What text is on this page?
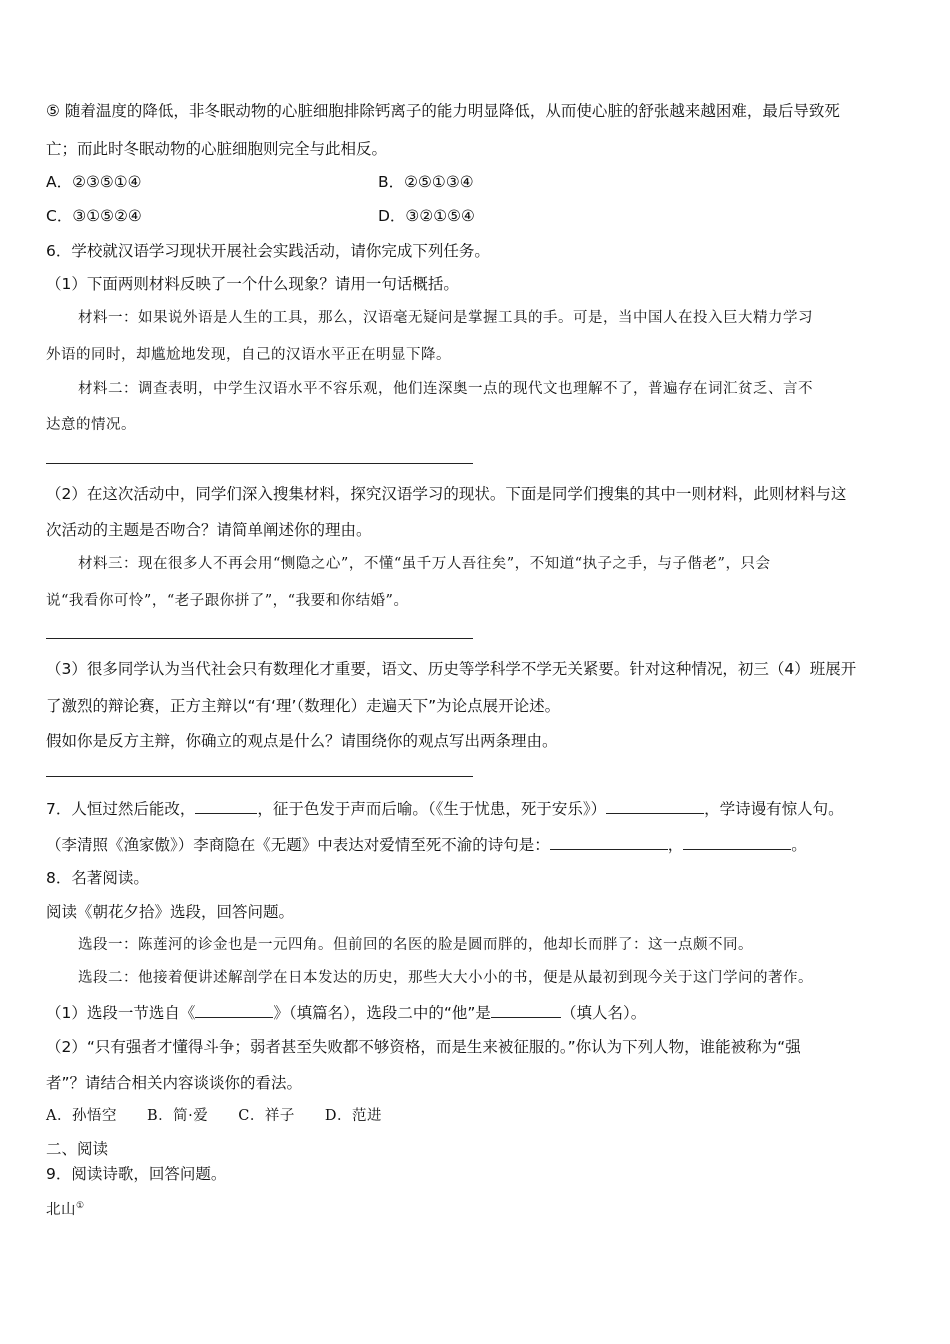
⑤ 随着温度的降低，非冬眠动物的心脏细胞排除钙离子的能力明显降低，从而使心脏的舒张越来越困难，最后导致死
亡；而此时冬眠动物的心脏细胞则完全与此相反。
A．②③⑤①④	B．②⑤①③④
C．③①⑤②④	D．③②①⑤④
6．学校就汉语学习现状开展社会实践活动，请你完成下列任务。
（1）下面两则材料反映了一个什么现象？请用一句话概括。
材料一：如果说外语是人生的工具，那么，汉语毫无疑问是掌握工具的手。可是，当中国人在投入巨大精力学习
外语的同时，却尴尬地发现，自己的汉语水平正在明显下降。
材料二：调查表明，中学生汉语水平不容乐观，他们连深奥一点的现代文也理解不了，普遍存在词汇贫乏、言不
达意的情况。
（2）在这次活动中，同学们深入搜集材料，探究汉语学习的现状。下面是同学们搜集的其中一则材料，此则材料与这
次活动的主题是否吻合？请简单阐述你的理由。
材料三：现在很多人不再会用“恻隐之心”，不懂“虽千万人吾往矣”，不知道“执子之手，与子偕老”，只会
说“我看你可怜”，“老子跟你拼了”，“我要和你结婚”。
（3）很多同学认为当代社会只有数理化才重要，语文、历史等学科学不学无关紧要。针对这种情况，初三（4）班展开
了激烈的辩论赛，正方主辩以“有‘理’（数理化）走遍天下”为论点展开论述。
假如你是反方主辩，你确立的观点是什么？请围绕你的观点写出两条理由。
7．人恒过然后能改，	，征于色发于声而后喻。（《生于忧患，死于安乐》）	，学诗谩有惊人句。
（李清照《渔家傲》）李商隐在《无题》中表达对爱情至死不渝的诗句是：	，	。
8．名著阅读。
阅读《朝花夕拾》选段，回答问题。
选段一：陈莲河的诊金也是一元四角。但前回的名医的脸是圆而胖的，他却长而胖了：这一点颇不同。
选段二：他接着便讲述解剖学在日本发达的历史，那些大大小小的书，便是从最初到现今关于这门学问的著作。
（1）选段一节选自《	》（填篇名），选段二中的“他”是	（填人名）。
（2）“只有强者才懂得斗争；弱者甚至失败都不够资格，而是生来被征服的。”你认为下列人物，谁能被称为“强
者”？请结合相关内容谈谈你的看法。
A．孙悟空　　B．简·爱　　C．祥子　　D．范进
二、阅读
9．阅读诗歌，回答问题。
北山①
